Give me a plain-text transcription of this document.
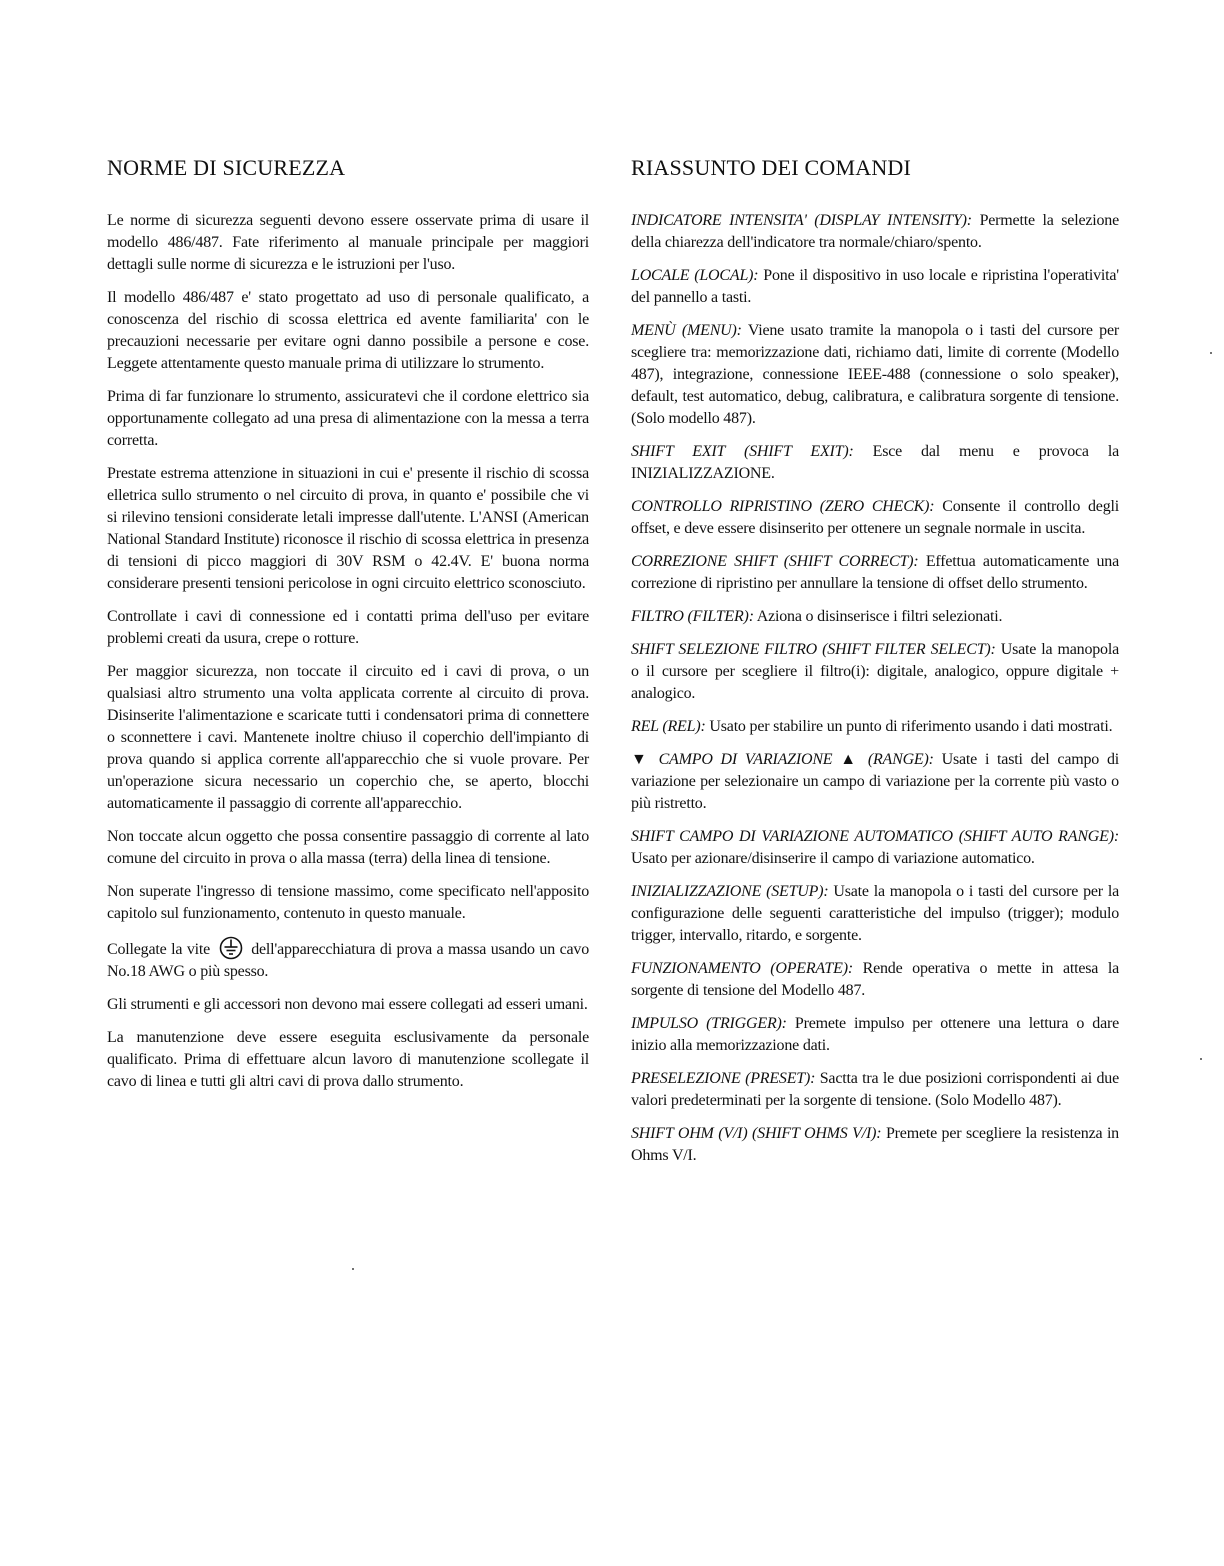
NORME DI SICUREZZA

Le norme di sicurezza seguenti devono essere osservate prima di usare il modello 486/487. Fate riferimento al manuale principale per maggiori dettagli sulle norme di sicurezza e le istruzioni per l'uso.

Il modello 486/487 e' stato progettato ad uso di personale qualificato, a conoscenza del rischio di scossa elettrica ed avente familiarita' con le precauzioni necessarie per evitare ogni danno possibile a persone e cose. Leggete attentamente questo manuale prima di utilizzare lo strumento.

Prima di far funzionare lo strumento, assicuratevi che il cordone elettrico sia opportunamente collegato ad una presa di alimentazione con la messa a terra corretta.

Prestate estrema attenzione in situazioni in cui e' presente il rischio di scossa elletrica sullo strumento o nel circuito di prova, in quanto e' possibile che vi si rilevino tensioni considerate letali impresse dall'utente. L'ANSI (American National Standard Institute) riconosce il rischio di scossa elettrica in presenza di tensioni di picco maggiori di 30V RSM o 42.4V. E' buona norma considerare presenti tensioni pericolose in ogni circuito elettrico sconosciuto.

Controllate i cavi di connessione ed i contatti prima dell'uso per evitare problemi creati da usura, crepe o rotture.

Per maggior sicurezza, non toccate il circuito ed i cavi di prova, o un qualsiasi altro strumento una volta applicata corrente al circuito di prova. Disinserite l'alimentazione e scaricate tutti i condensatori prima di connettere o sconnettere i cavi. Mantenete inoltre chiuso il coperchio dell'impianto di prova quando si applica corrente all'apparecchio che si vuole provare. Per un'operazione sicura necessario un coperchio che, se aperto, blocchi automaticamente il passaggio di corrente all'apparecchio.

Non toccate alcun oggetto che possa consentire passaggio di corrente al lato comune del circuito in prova o alla massa (terra) della linea di tensione.

Non superate l'ingresso di tensione massimo, come specificato nell'apposito capitolo sul funzionamento, contenuto in questo manuale.

Collegate la vite	dell'apparecchiatura di prova a massa usando un cavo No.18 AWG o più spesso.

Gli strumenti e gli accessori non devono mai essere collegati ad esseri umani.

La manutenzione deve essere eseguita esclusivamente da personale qualificato. Prima di effettuare alcun lavoro di manutenzione scollegate il cavo di linea e tutti gli altri cavi di prova dallo strumento.

RIASSUNTO DEI COMANDI

INDICATORE INTENSITA' (DISPLAY INTENSITY): Permette la selezione della chiarezza dell'indicatore tra normale/chiaro/spento.

LOCALE (LOCAL): Pone il dispositivo in uso locale e ripristina l'operativita' del pannello a tasti.

MENÙ (MENU): Viene usato tramite la manopola o i tasti del cursore per scegliere tra: memorizzazione dati, richiamo dati, limite di corrente (Modello 487), integrazione, connessione IEEE-488 (connessione o solo speaker), default, test automatico, debug, calibratura, e calibratura sorgente di tensione. (Solo modello 487).

SHIFT EXIT (SHIFT EXIT): Esce dal menu e provoca la INIZIALIZZAZIONE.

CONTROLLO RIPRISTINO (ZERO CHECK): Consente il controllo degli offset, e deve essere disinserito per ottenere un segnale normale in uscita.

CORREZIONE SHIFT (SHIFT CORRECT): Effettua automaticamente una correzione di ripristino per annullare la tensione di offset dello strumento.

FILTRO (FILTER): Aziona o disinserisce i filtri selezionati.

SHIFT SELEZIONE FILTRO (SHIFT FILTER SELECT): Usate la manopola o il cursore per scegliere il filtro(i): digitale, analogico, oppure digitale + analogico.

REL (REL): Usato per stabilire un punto di riferimento usando i dati mostrati.

▼ CAMPO DI VARIAZIONE ▲ (RANGE): Usate i tasti del campo di variazione per selezionaire un campo di variazione per la corrente più vasto o più ristretto.

SHIFT CAMPO DI VARIAZIONE AUTOMATICO (SHIFT AUTO RANGE): Usato per azionare/disinserire il campo di variazione automatico.

INIZIALIZZAZIONE (SETUP): Usate la manopola o i tasti del cursore per la configurazione delle seguenti caratteristiche del impulso (trigger); modulo trigger, intervallo, ritardo, e sorgente.

FUNZIONAMENTO (OPERATE): Rende operativa o mette in attesa la sorgente di tensione del Modello 487.

IMPULSO (TRIGGER): Premete impulso per ottenere una lettura o dare inizio alla memorizzazione dati.

PRESELEZIONE (PRESET): Sactta tra le due posizioni corrispondenti ai due valori predeterminati per la sorgente di tensione. (Solo Modello 487).

SHIFT OHM (V/I) (SHIFT OHMS V/I): Premete per scegliere la resistenza in Ohms V/I.
